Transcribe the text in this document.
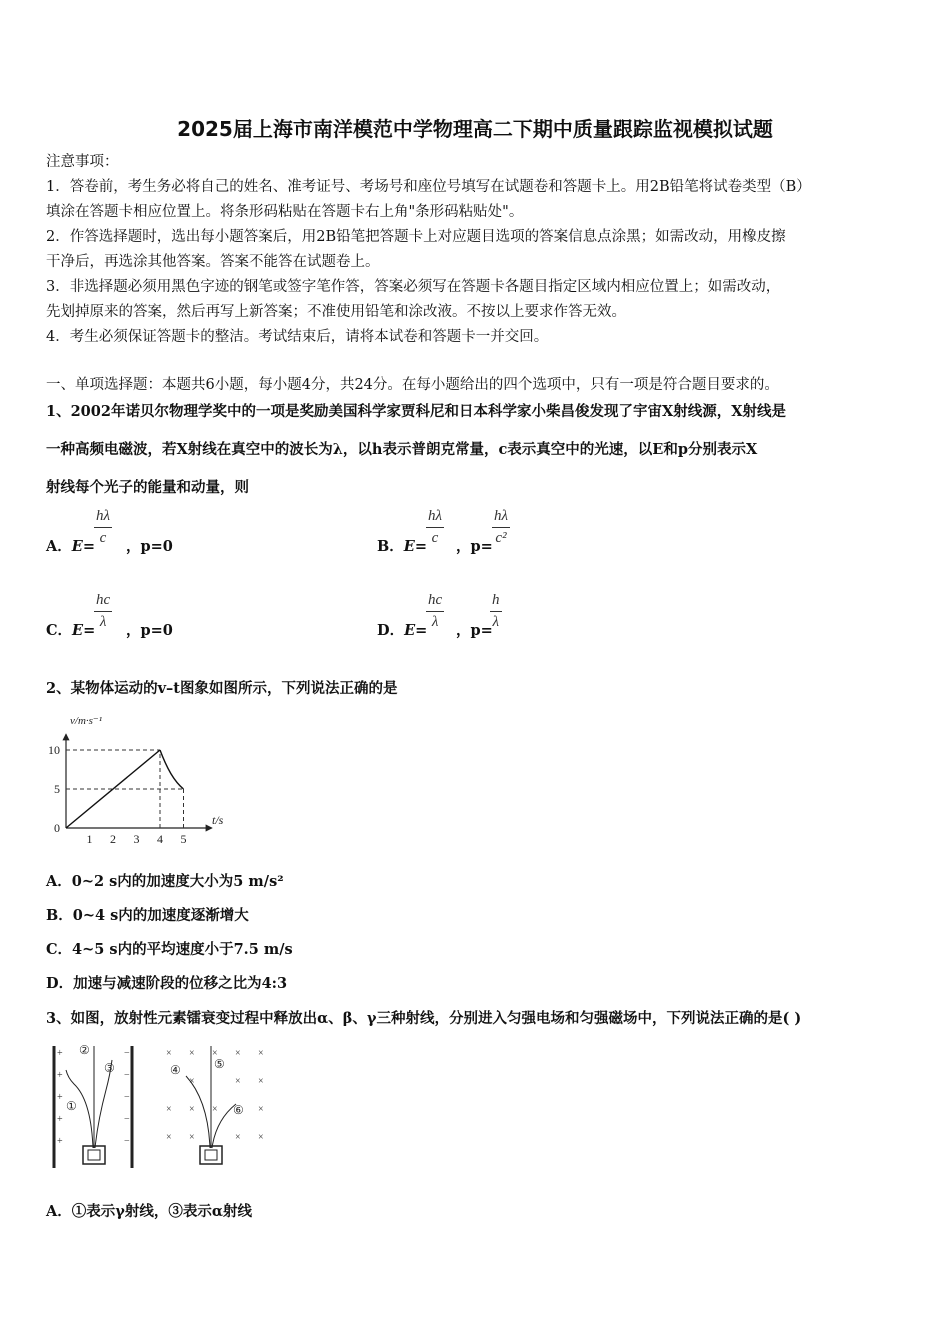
2025届上海市南洋模范中学物理高二下期中质量跟踪监视模拟试题
注意事项：
1．答卷前，考生务必将自己的姓名、准考证号、考场号和座位号填写在试题卷和答题卡上。用2B铅笔将试卷类型（B）
填涂在答题卡相应位置上。将条形码粘贴在答题卡右上角"条形码粘贴处"。
2．作答选择题时，选出每小题答案后，用2B铅笔把答题卡上对应题目选项的答案信息点涂黑；如需改动，用橡皮擦
干净后，再选涂其他答案。答案不能答在试题卷上。
3．非选择题必须用黑色字迹的钢笔或签字笔作答，答案必须写在答题卡各题目指定区域内相应位置上；如需改动，
先划掉原来的答案，然后再写上新答案；不准使用铅笔和涂改液。不按以上要求作答无效。
4．考生必须保证答题卡的整洁。考试结束后，请将本试卷和答题卡一并交回。
一、单项选择题：本题共6小题，每小题4分，共24分。在每小题给出的四个选项中，只有一项是符合题目要求的。
1、2002年诺贝尔物理学奖中的一项是奖励美国科学家贾科尼和日本科学家小柴昌俊发现了宇宙X射线源，X射线是
一种高频电磁波，若X射线在真空中的波长为λ，以h表示普朗克常量，c表示真空中的光速，以E和p分别表示X
射线每个光子的能量和动量，则
A．$E= \frac{h\lambda}{c}$ ，p=0	B．$E= \frac{h\lambda}{c}$ ，$p= \frac{h\lambda}{\text{c²}}$
C．E=
$\frac{hc}{\lambda}$ ，p=0	D．E=
$\frac{hc}{\lambda}$ ，p=
$\frac{h}{\lambda}$
2、某物体运动的v–t图象如图所示，下列说法正确的是
1 2 3 4 5
0
5
10
v/m·s⁻¹
t/s
A．0~2 s内的加速度大小为5 m/s²
B．0~4 s内的加速度逐渐增大
C．4~5 s内的平均速度小于7.5 m/s
D．加速与减速阶段的位移之比为4:3
3、如图，放射性元素镭衰变过程中释放出α、β、γ三种射线，分别进入匀强电场和匀强磁场中，下列说法正确的是( )
+
+
+
+
+
−
−
−
−
−
①
②
③
× × × × ×
×	× ×
× × ×	×
× ×	× ×
④	⑤
⑥
A．①表示γ射线，③表示α射线
